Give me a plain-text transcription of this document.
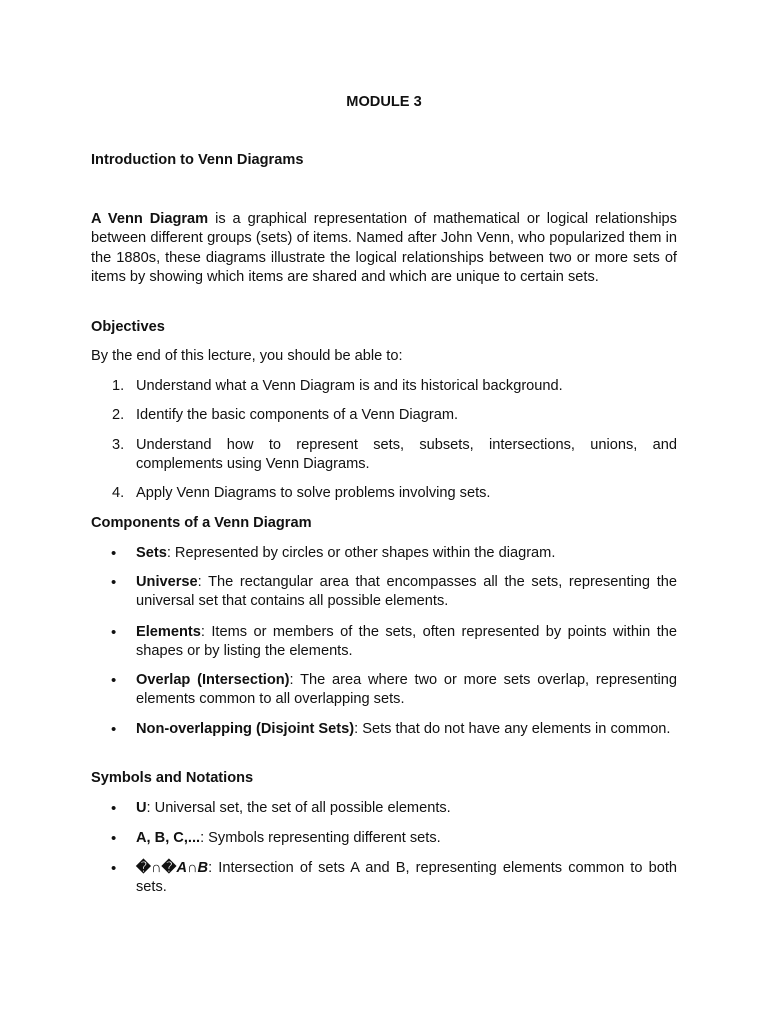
MODULE 3
Introduction to Venn Diagrams
A Venn Diagram is a graphical representation of mathematical or logical relationships between different groups (sets) of items. Named after John Venn, who popularized them in the 1880s, these diagrams illustrate the logical relationships between two or more sets of items by showing which items are shared and which are unique to certain sets.
Objectives
By the end of this lecture, you should be able to:
1. Understand what a Venn Diagram is and its historical background.
2. Identify the basic components of a Venn Diagram.
3. Understand how to represent sets, subsets, intersections, unions, and complements using Venn Diagrams.
4. Apply Venn Diagrams to solve problems involving sets.
Components of a Venn Diagram
•	Sets: Represented by circles or other shapes within the diagram.
•	Universe: The rectangular area that encompasses all the sets, representing the universal set that contains all possible elements.
•	Elements: Items or members of the sets, often represented by points within the shapes or by listing the elements.
•	Overlap (Intersection): The area where two or more sets overlap, representing elements common to all overlapping sets.
•	Non-overlapping (Disjoint Sets): Sets that do not have any elements in common.
Symbols and Notations
•	U: Universal set, the set of all possible elements.
•	A, B, C,...: Symbols representing different sets.
•	�∩�A∩B: Intersection of sets A and B, representing elements common to both sets.
